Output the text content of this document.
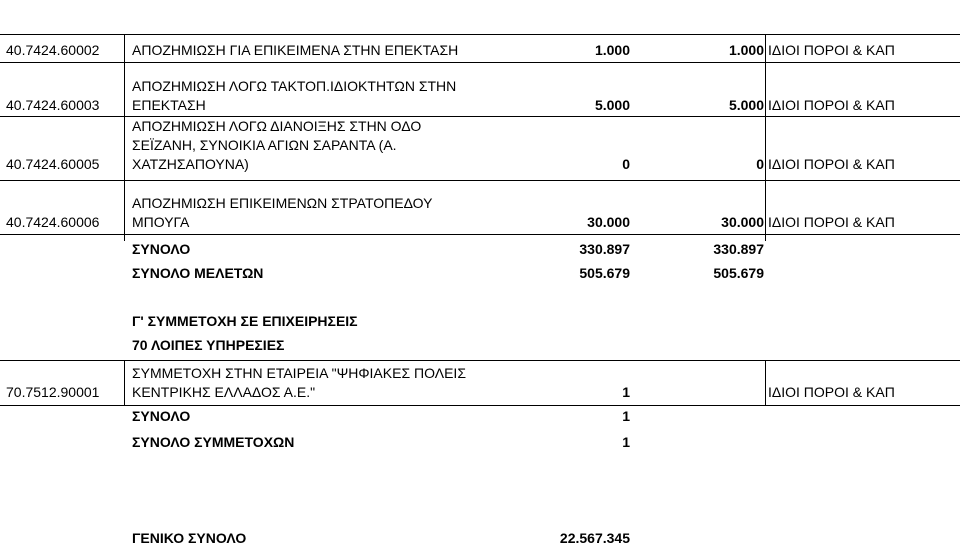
40.7424.60002 ΑΠΟΖΗΜΙΩΣΗ ΓΙΑ ΕΠΙΚΕΙΜΕΝΑ ΣΤΗΝ ΕΠΕΚΤΑΣΗ	1.000	1.000 ΙΔΙΟΙ ΠΟΡΟΙ & ΚΑΠ
ΑΠΟΖΗΜΙΩΣΗ ΛΟΓΩ ΤΑΚΤΟΠ.ΙΔΙΟΚΤΗΤΩΝ ΣΤΗΝ
40.7424.60003 ΕΠΕΚΤΑΣΗ	5.000	5.000 ΙΔΙΟΙ ΠΟΡΟΙ & ΚΑΠ
ΑΠΟΖΗΜΙΩΣΗ ΛΟΓΩ ΔΙΑΝΟΙΞΗΣ ΣΤΗΝ ΟΔΟ
ΣΕΪΖΑΝΗ, ΣΥΝΟΙΚΙΑ ΑΓΙΩΝ ΣΑΡΑΝΤΑ (Α.
40.7424.60005 ΧΑΤΖΗΣΑΠΟΥΝΑ)	0	0 ΙΔΙΟΙ ΠΟΡΟΙ & ΚΑΠ
ΑΠΟΖΗΜΙΩΣΗ ΕΠΙΚΕΙΜΕΝΩΝ ΣΤΡΑΤΟΠΕΔΟΥ
40.7424.60006 ΜΠΟΥΓΑ	30.000	30.000 ΙΔΙΟΙ ΠΟΡΟΙ & ΚΑΠ
ΣΥΝΟΛΟ	330.897	330.897
ΣΥΝΟΛΟ ΜΕΛΕΤΩΝ	505.679	505.679
Γ' ΣΥΜΜΕΤΟΧΗ ΣΕ ΕΠΙΧΕΙΡΗΣΕΙΣ
70 ΛΟΙΠΕΣ ΥΠΗΡΕΣΙΕΣ
ΣΥΜΜΕΤΟΧΗ ΣΤΗΝ ΕΤΑΙΡΕΙΑ "ΨΗΦΙΑΚΕΣ ΠΟΛΕΙΣ
70.7512.90001 ΚΕΝΤΡΙΚΗΣ ΕΛΛΑΔΟΣ Α.Ε."	1	ΙΔΙΟΙ ΠΟΡΟΙ & ΚΑΠ
ΣΥΝΟΛΟ	1
ΣΥΝΟΛΟ ΣΥΜΜΕΤΟΧΩΝ	1
ΓΕΝΙΚΟ ΣΥΝΟΛΟ	22.567.345
